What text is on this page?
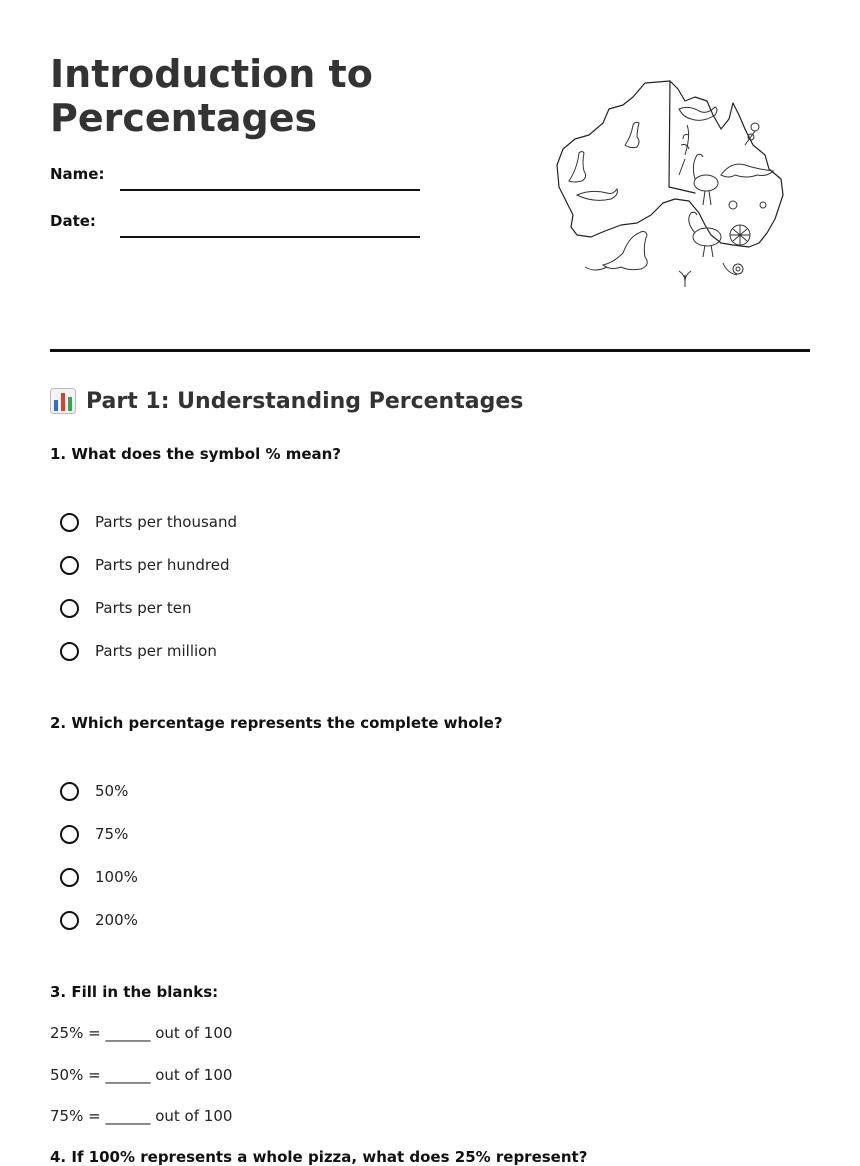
Introduction to
Percentages
Name:
Date:
Part 1: Understanding Percentages
1. What does the symbol % mean?
Parts per thousand
Parts per hundred
Parts per ten
Parts per million
2. Which percentage represents the complete whole?
50%
75%
100%
200%
3. Fill in the blanks:
25% = ______ out of 100
50% = ______ out of 100
75% = ______ out of 100
4. If 100% represents a whole pizza, what does 25% represent?
